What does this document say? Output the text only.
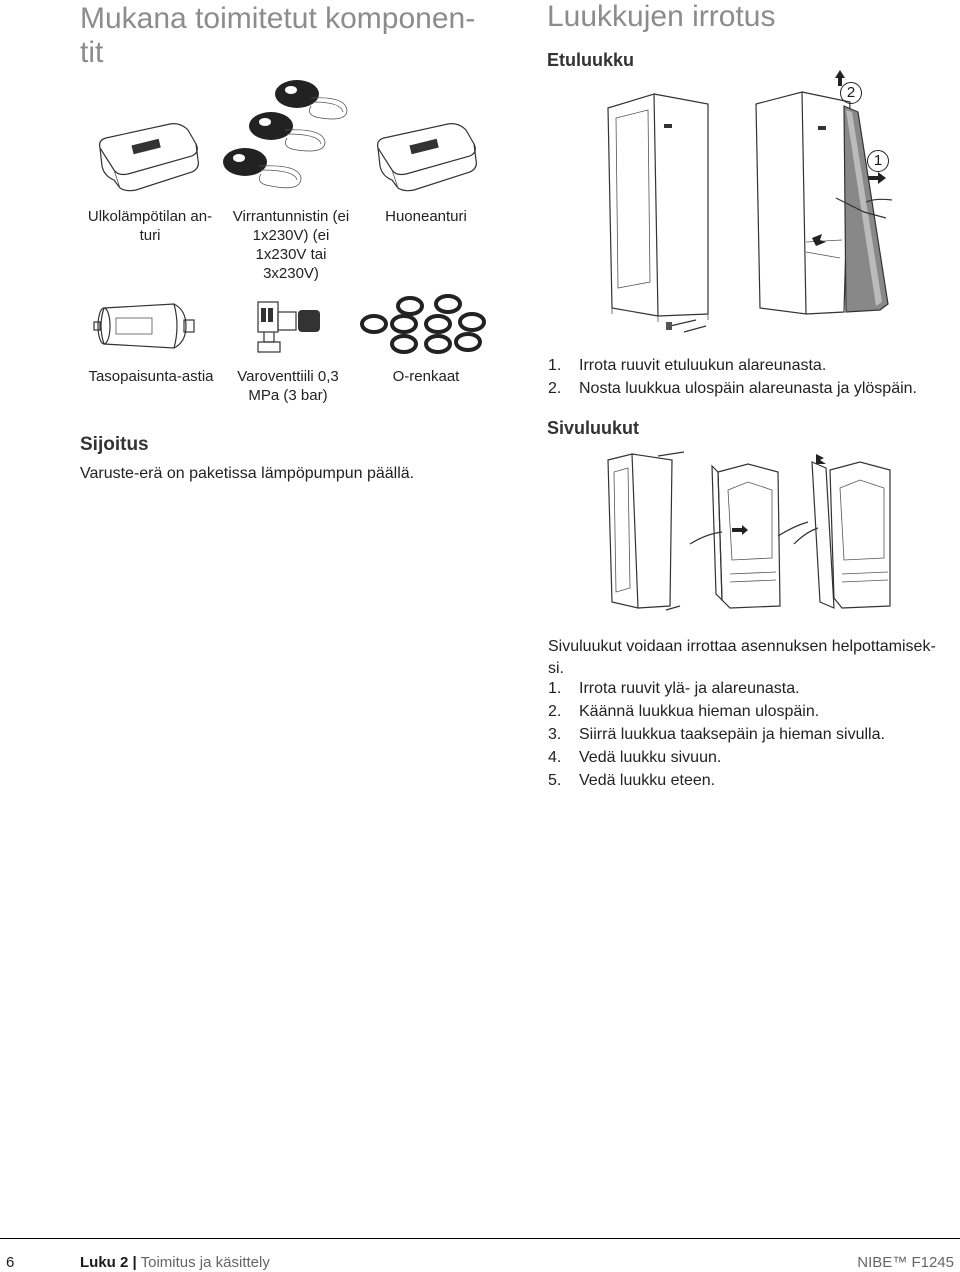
Mukana toimitetut komponen-
tit
Ulkolämpötilan an-
turi
Virrantunnistin (ei
1x230V) (ei
1x230V tai
3x230V)
Huoneanturi
Tasopaisunta-astia	Varoventtiili 0,3
MPa (3 bar)
O-renkaat
Sijoitus
Varuste-erä on paketissa lämpöpumpun päällä.
Luukkujen irrotus
Etuluukku
2
1
1.	Irrota ruuvit etuluukun alareunasta.
2.	Nosta luukkua ulospäin alareunasta ja ylöspäin.
Sivuluukut
Sivuluukut voidaan irrottaa asennuksen helpottamisek-
si.
1.	Irrota ruuvit ylä- ja alareunasta.
2.	Käännä luukkua hieman ulospäin.
3.	Siirrä luukkua taaksepäin ja hieman sivulla.
4.	Vedä luukku sivuun.
5.	Vedä luukku eteen.
6	Luku 2 | Toimitus ja käsittely	NIBE™ F1245
